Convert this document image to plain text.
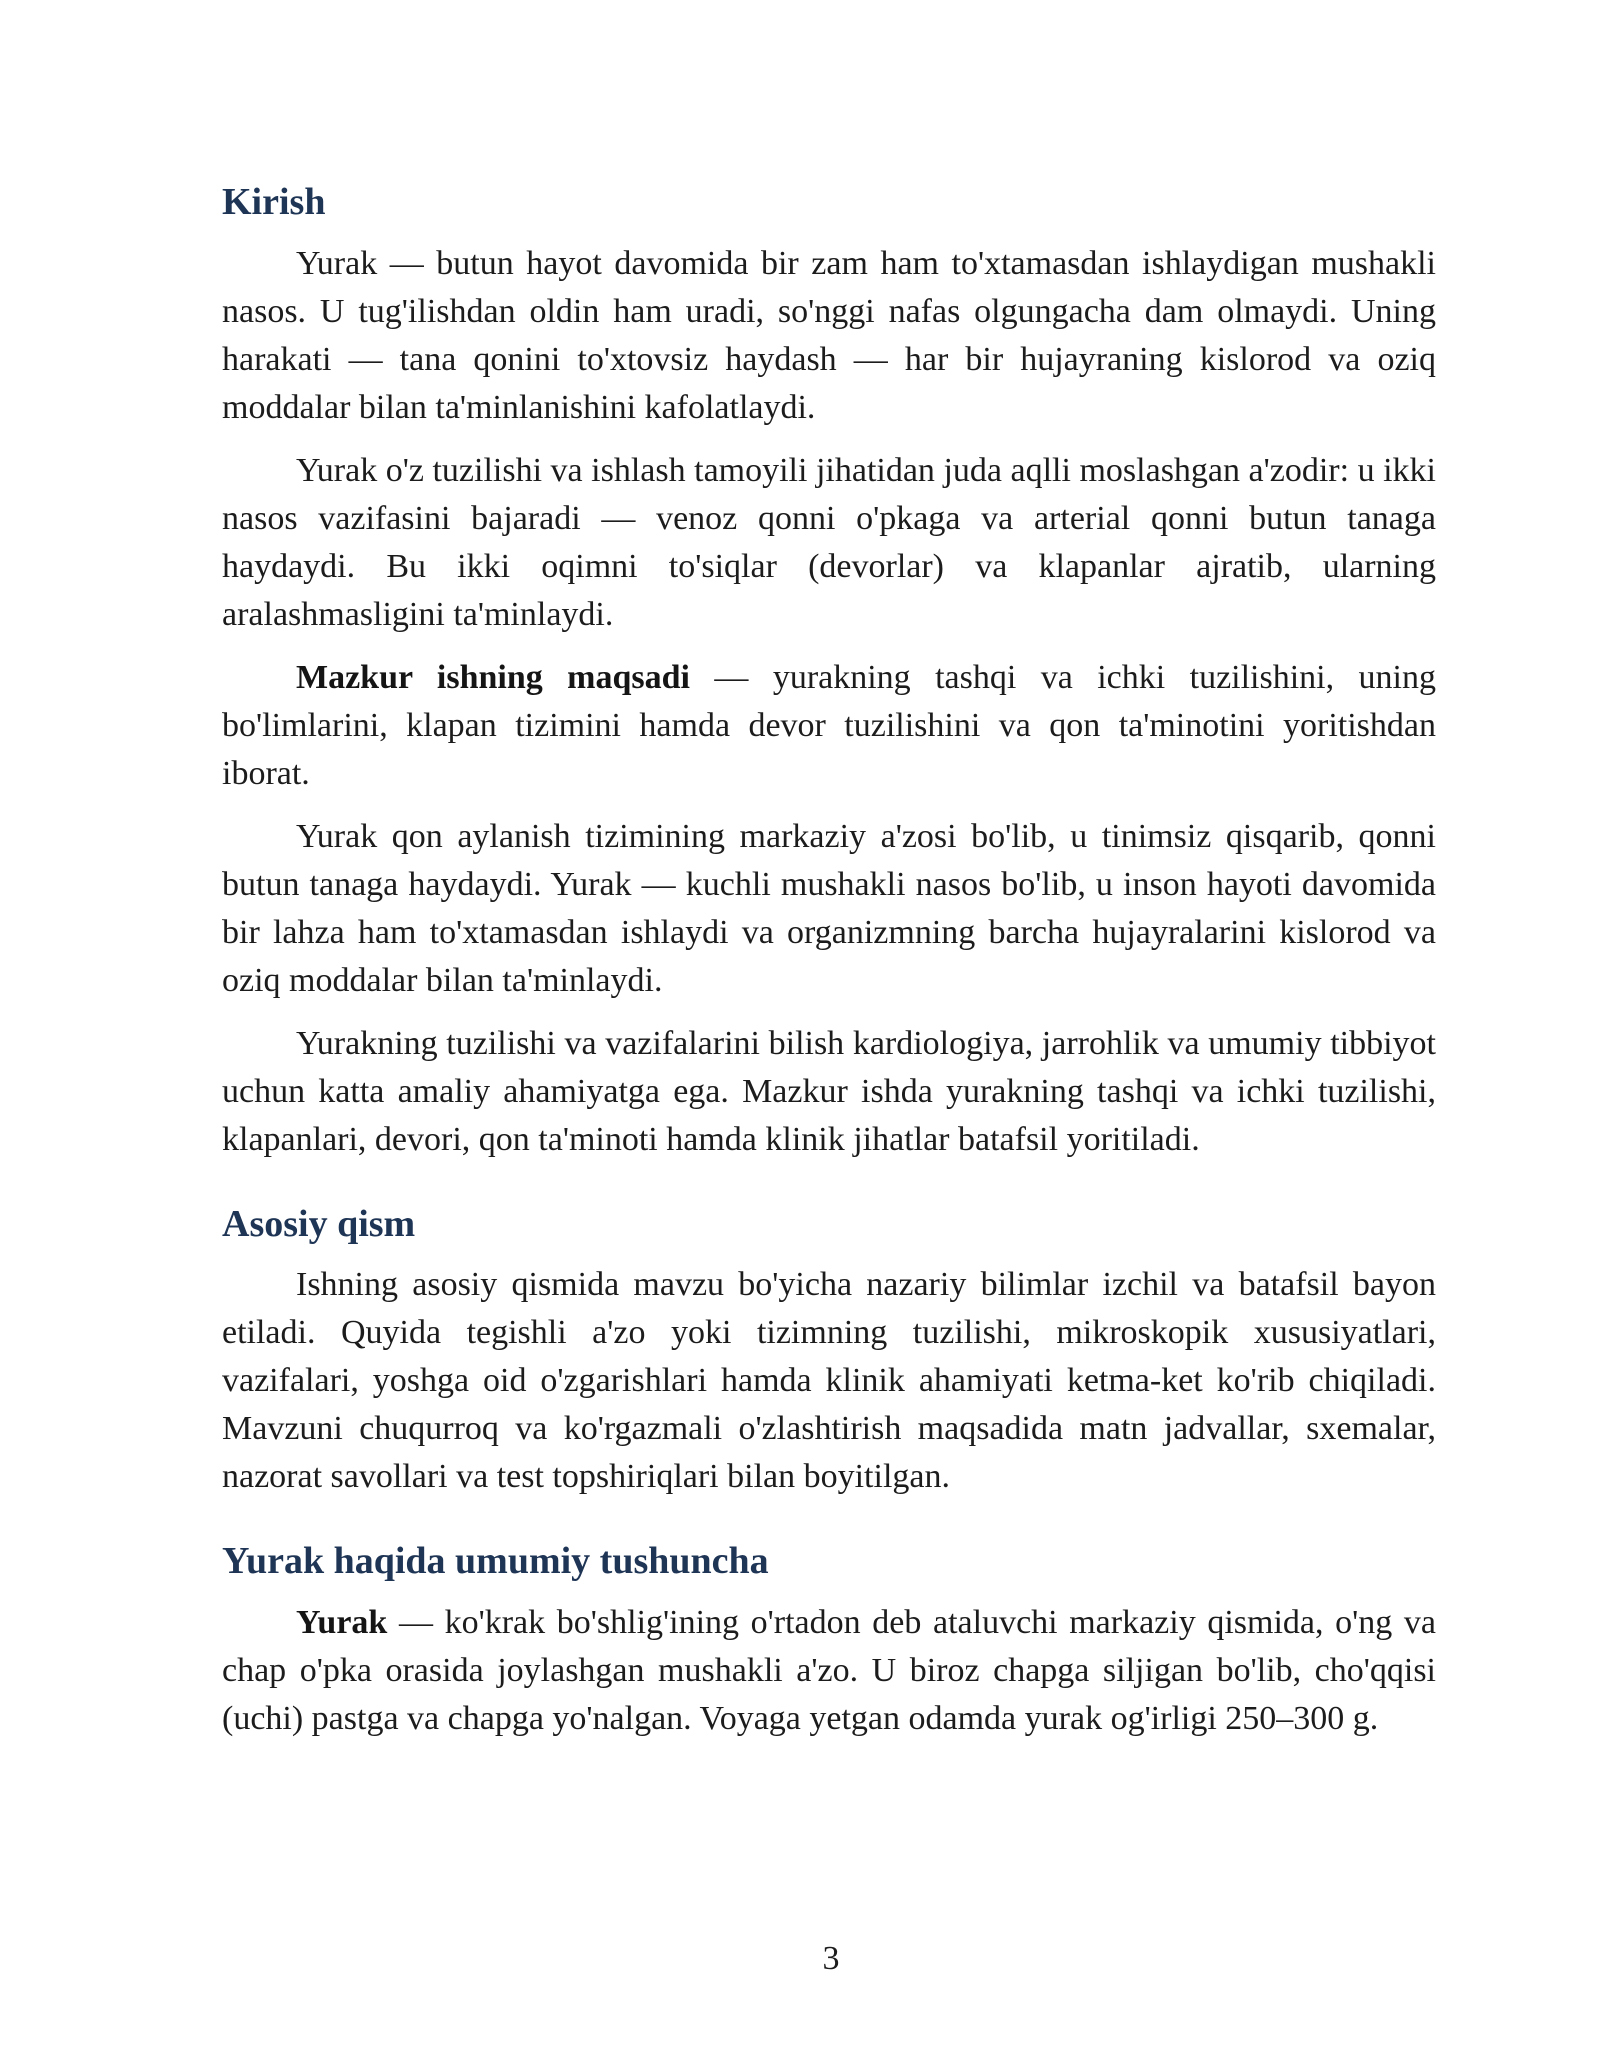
Kirish

Yurak — butun hayot davomida bir zam ham to'xtamasdan ishlaydigan mushakli nasos. U tug'ilishdan oldin ham uradi, so'nggi nafas olgungacha dam olmaydi. Uning harakati — tana qonini to'xtovsiz haydash — har bir hujayraning kislorod va oziq moddalar bilan ta'minlanishini kafolatlaydi.

Yurak o'z tuzilishi va ishlash tamoyili jihatidan juda aqlli moslashgan a'zodir: u ikki nasos vazifasini bajaradi — venoz qonni o'pkaga va arterial qonni butun tanaga haydaydi. Bu ikki oqimni to'siqlar (devorlar) va klapanlar ajratib, ularning aralashmasligini ta'minlaydi.

Mazkur ishning maqsadi — yurakning tashqi va ichki tuzilishini, uning bo'limlarini, klapan tizimini hamda devor tuzilishini va qon ta'minotini yoritishdan iborat.

Yurak qon aylanish tizimining markaziy a'zosi bo'lib, u tinimsiz qisqarib, qonni butun tanaga haydaydi. Yurak — kuchli mushakli nasos bo'lib, u inson hayoti davomida bir lahza ham to'xtamasdan ishlaydi va organizmning barcha hujayralarini kislorod va oziq moddalar bilan ta'minlaydi.

Yurakning tuzilishi va vazifalarini bilish kardiologiya, jarrohlik va umumiy tibbiyot uchun katta amaliy ahamiyatga ega. Mazkur ishda yurakning tashqi va ichki tuzilishi, klapanlari, devori, qon ta'minoti hamda klinik jihatlar batafsil yoritiladi.

Asosiy qism

Ishning asosiy qismida mavzu bo'yicha nazariy bilimlar izchil va batafsil bayon etiladi. Quyida tegishli a'zo yoki tizimning tuzilishi, mikroskopik xususiyatlari, vazifalari, yoshga oid o'zgarishlari hamda klinik ahamiyati ketma-ket ko'rib chiqiladi. Mavzuni chuqurroq va ko'rgazmali o'zlashtirish maqsadida matn jadvallar, sxemalar, nazorat savollari va test topshiriqlari bilan boyitilgan.

Yurak haqida umumiy tushuncha

Yurak — ko'krak bo'shlig'ining o'rtadon deb ataluvchi markaziy qismida, o'ng va chap o'pka orasida joylashgan mushakli a'zo. U biroz chapga siljigan bo'lib, cho'qqisi (uchi) pastga va chapga yo'nalgan. Voyaga yetgan odamda yurak og'irligi 250–300 g.

3
